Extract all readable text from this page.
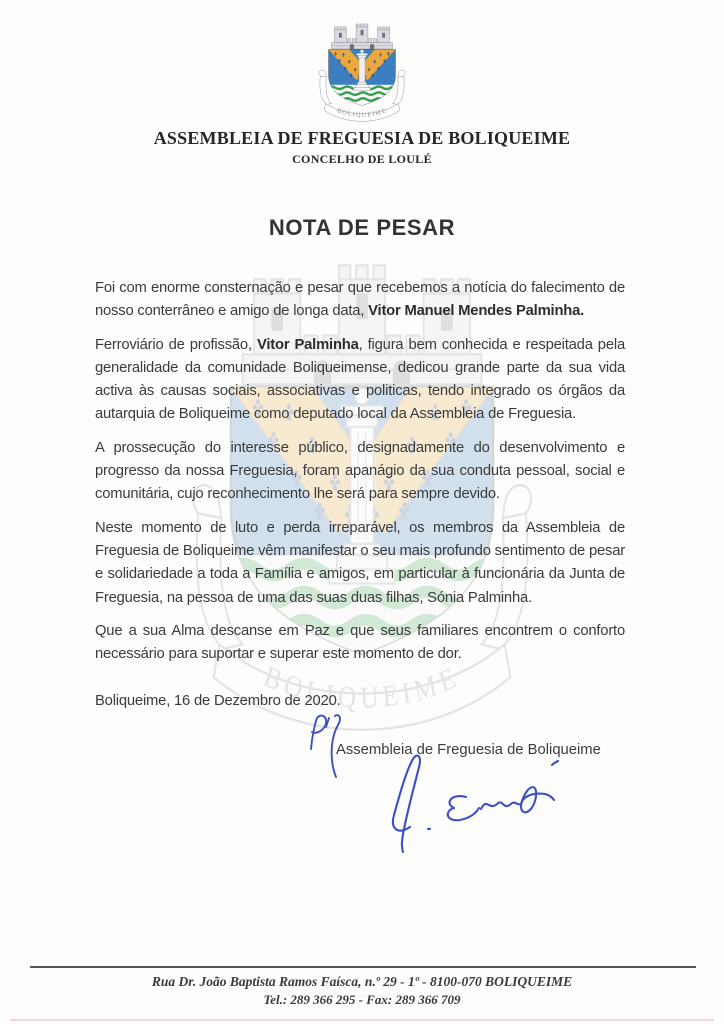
ASSEMBLEIA DE FREGUESIA DE BOLIQUEIME
CONCELHO DE LOULÉ
NOTA DE PESAR

Foi com enorme consternação e pesar que recebemos a notícia do falecimento de nosso conterrâneo e amigo de longa data, Vitor Manuel Mendes Palminha.

Ferroviário de profissão, Vitor Palminha, figura bem conhecida e respeitada pela generalidade da comunidade Boliqueimense, dedicou grande parte da sua vida activa às causas sociais, associativas e politicas, tendo integrado os órgãos da autarquia de Boliqueime como deputado local da Assembleia de Freguesia.

A prossecução do interesse público, designadamente do desenvolvimento e progresso da nossa Freguesia, foram apanágio da sua conduta pessoal, social e comunitária, cujo reconhecimento lhe será para sempre devido.

Neste momento de luto e perda irreparável, os membros da Assembleia de Freguesia de Boliqueime vêm manifestar o seu mais profundo sentimento de pesar e solidariedade a toda a Família e amigos, em particular à funcionária da Junta de Freguesia, na pessoa de uma das suas duas filhas, Sónia Palminha.

Que a sua Alma descanse em Paz e que seus familiares encontrem o conforto necessário para suportar e superar este momento de dor.

Boliqueime, 16 de Dezembro de 2020.

Assembleia de Freguesia de Boliqueime
Rua Dr. João Baptista Ramos Faísca, n.º 29 - 1º - 8100-070 BOLIQUEIME
Tel.: 289 366 295 - Fax: 289 366 709
